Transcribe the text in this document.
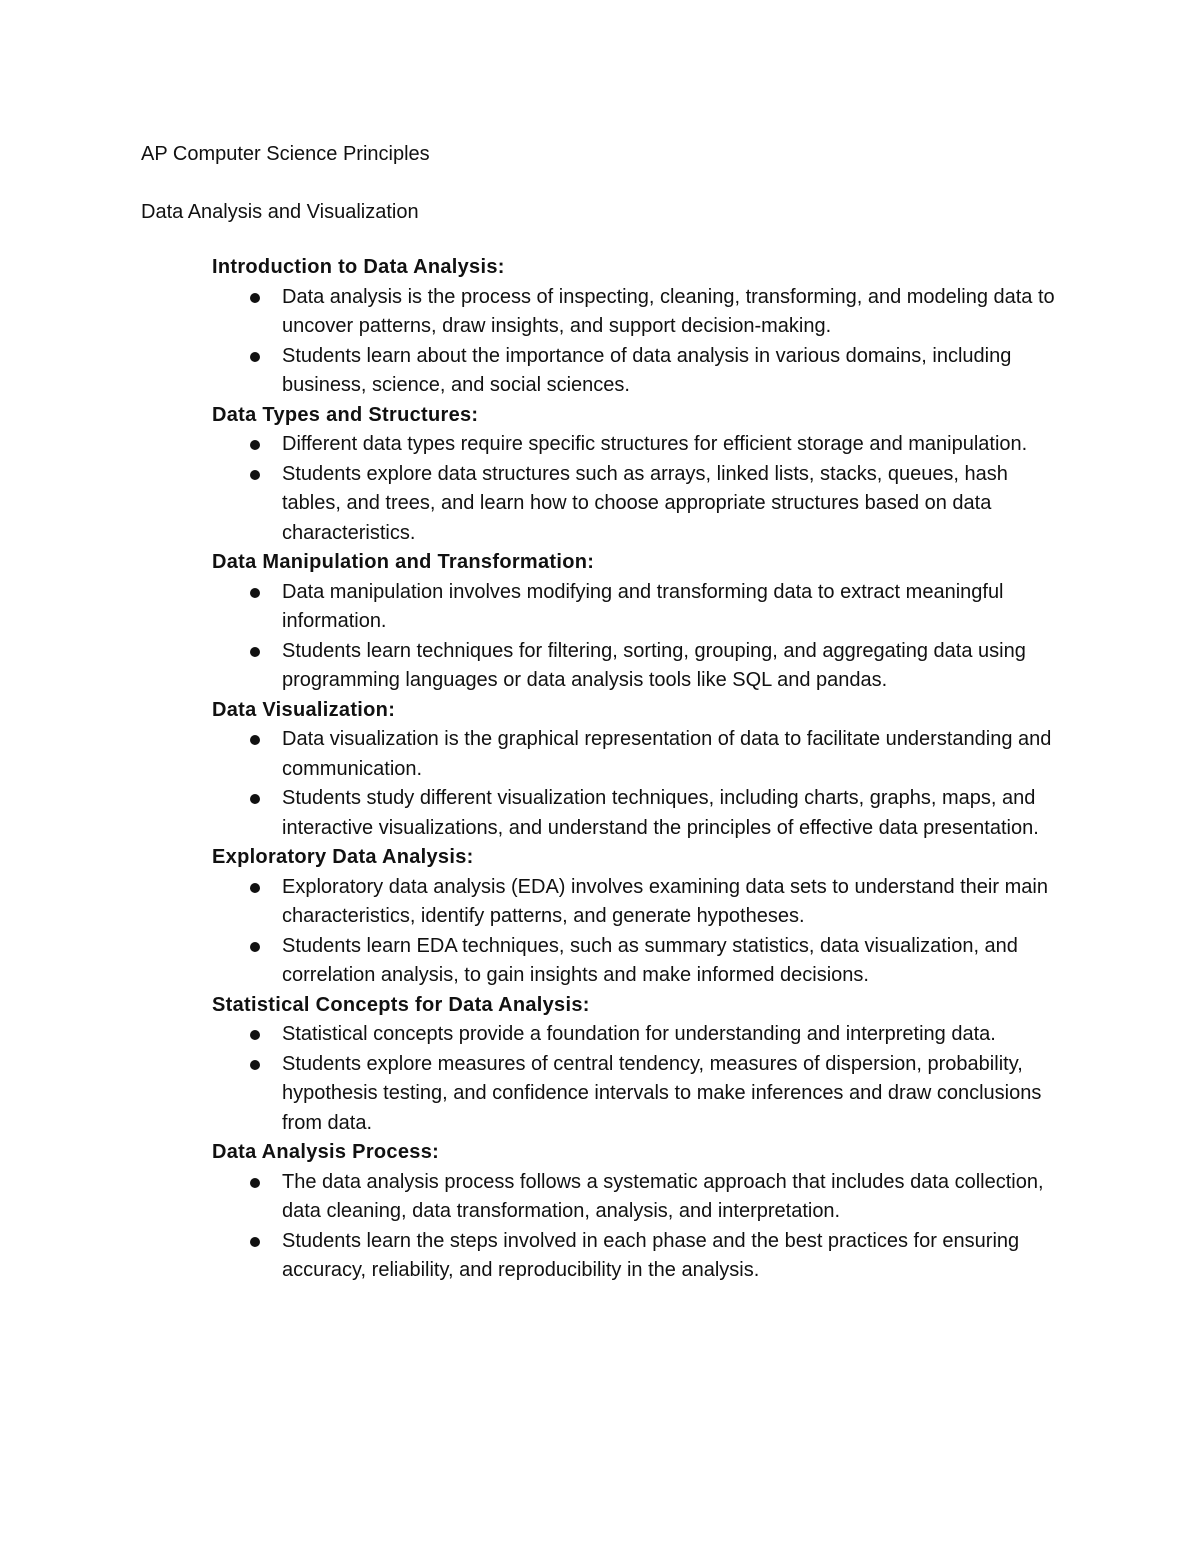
AP Computer Science Principles
Data Analysis and Visualization
Introduction to Data Analysis:
Data analysis is the process of inspecting, cleaning, transforming, and modeling data to uncover patterns, draw insights, and support decision-making.
Students learn about the importance of data analysis in various domains, including business, science, and social sciences.
Data Types and Structures:
Different data types require specific structures for efficient storage and manipulation.
Students explore data structures such as arrays, linked lists, stacks, queues, hash tables, and trees, and learn how to choose appropriate structures based on data characteristics.
Data Manipulation and Transformation:
Data manipulation involves modifying and transforming data to extract meaningful information.
Students learn techniques for filtering, sorting, grouping, and aggregating data using programming languages or data analysis tools like SQL and pandas.
Data Visualization:
Data visualization is the graphical representation of data to facilitate understanding and communication.
Students study different visualization techniques, including charts, graphs, maps, and interactive visualizations, and understand the principles of effective data presentation.
Exploratory Data Analysis:
Exploratory data analysis (EDA) involves examining data sets to understand their main characteristics, identify patterns, and generate hypotheses.
Students learn EDA techniques, such as summary statistics, data visualization, and correlation analysis, to gain insights and make informed decisions.
Statistical Concepts for Data Analysis:
Statistical concepts provide a foundation for understanding and interpreting data.
Students explore measures of central tendency, measures of dispersion, probability, hypothesis testing, and confidence intervals to make inferences and draw conclusions from data.
Data Analysis Process:
The data analysis process follows a systematic approach that includes data collection, data cleaning, data transformation, analysis, and interpretation.
Students learn the steps involved in each phase and the best practices for ensuring accuracy, reliability, and reproducibility in the analysis.
